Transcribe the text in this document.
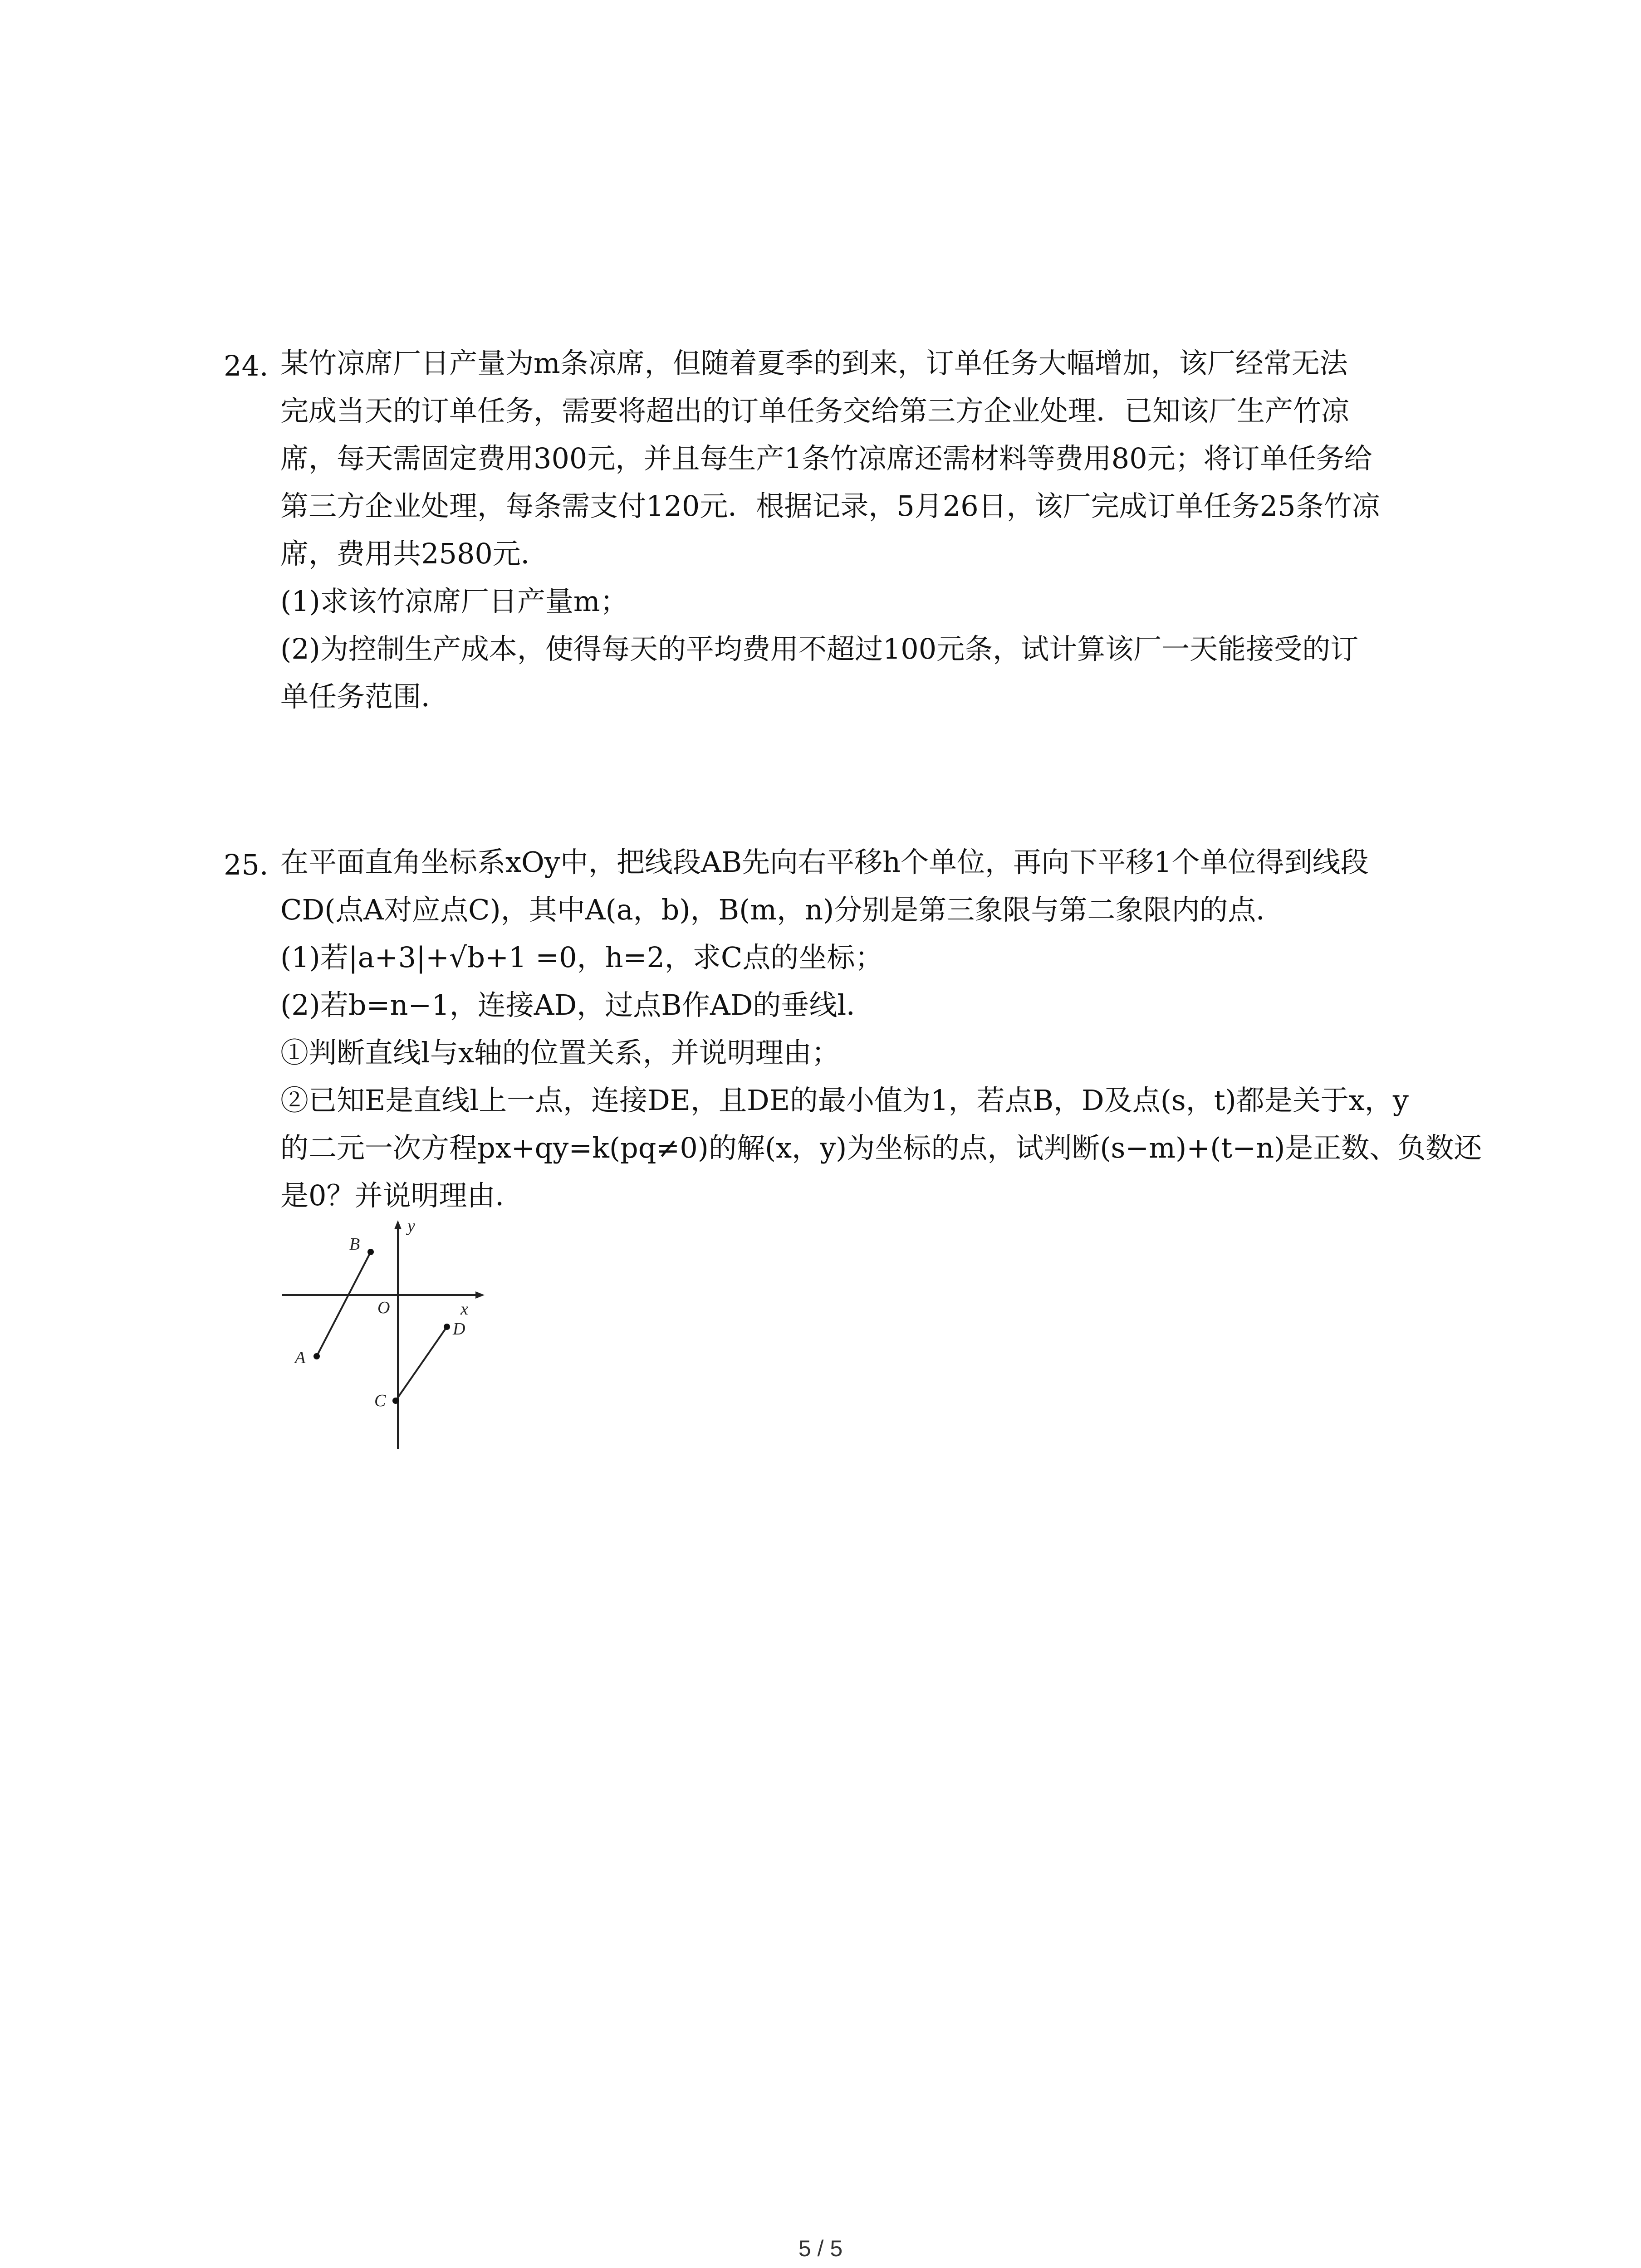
24. 某竹凉席厂日产量为m条凉席，但随着夏季的到来，订单任务大幅增加，该厂经常无法
完成当天的订单任务，需要将超出的订单任务交给第三方企业处理．已知该厂生产竹凉
席，每天需固定费用300元，并且每生产1条竹凉席还需材料等费用80元；将订单任务给
第三方企业处理，每条需支付120元．根据记录，5月26日，该厂完成订单任务25条竹凉
席，费用共2580元．
(1)求该竹凉席厂日产量m；
(2)为控制生产成本，使得每天的平均费用不超过100元条，试计算该厂一天能接受的订
单任务范围．
25. 在平面直角坐标系xOy中，把线段AB先向右平移h个单位，再向下平移1个单位得到线段
CD(点A对应点C)，其中A(a，b)，B(m，n)分别是第三象限与第二象限内的点．
(1)若|a+3|+√b+1 =0，h=2，求C点的坐标；
(2)若b=n−1，连接AD，过点B作AD的垂线l．
①判断直线l与x轴的位置关系，并说明理由；
②已知E是直线l上一点，连接DE，且DE的最小值为1，若点B，D及点(s，t)都是关于x，y
的二元一次方程px+qy=k(pq≠0)的解(x，y)为坐标的点，试判断(s−m)+(t−n)是正数、负数还
是0？并说明理由．
y
x
O
A
B
C
D
5 / 5
